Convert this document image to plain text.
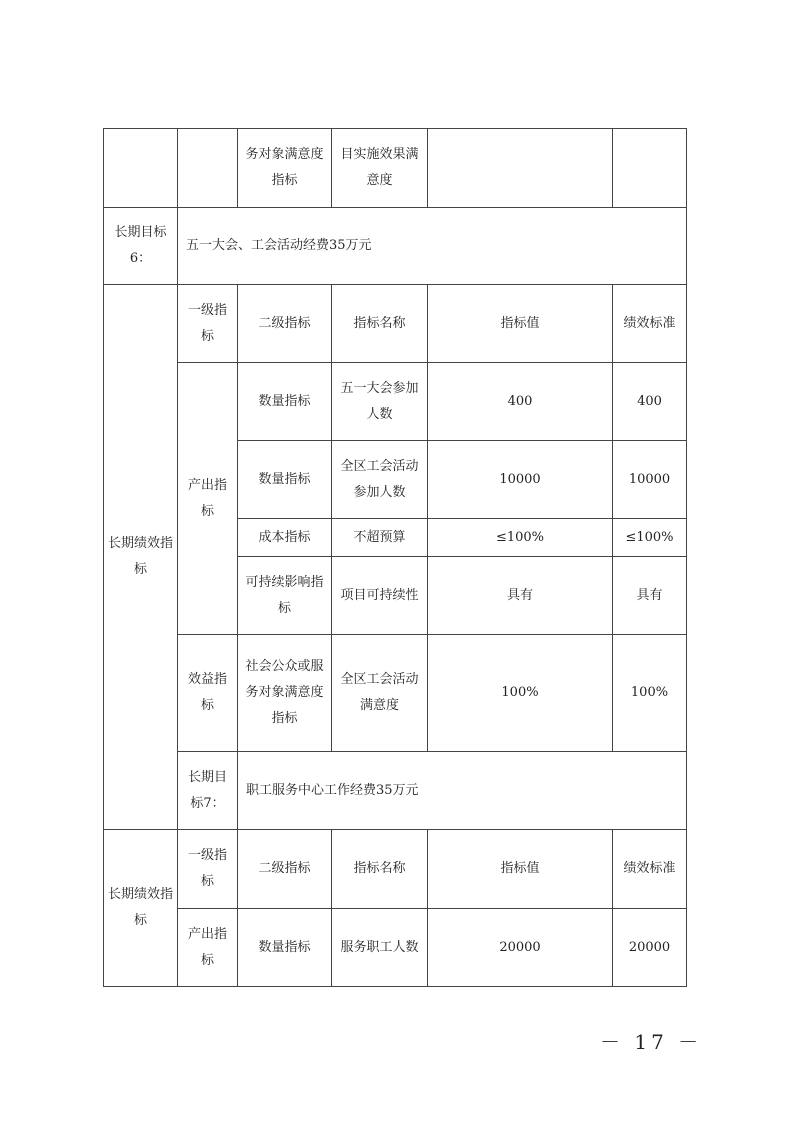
		务对象满意度指标	目实施效果满意度		
长期目标6：	五一大会、工会活动经费35万元				
长期绩效指标	一级指标	二级指标	指标名称	指标值	绩效标准
	产出指标	数量指标	五一大会参加人数	400	400
		数量指标	全区工会活动参加人数	10000	10000
		成本指标	不超预算	≤100%	≤100%
		可持续影响指标	项目可持续性	具有	具有
	效益指标	社会公众或服务对象满意度指标	全区工会活动满意度	100%	100%
	长期目标7：	职工服务中心工作经费35万元			
长期绩效指标	一级指标	二级指标	指标名称	指标值	绩效标准
	产出指标	数量指标	服务职工人数	20000	20000
－ 17 －
